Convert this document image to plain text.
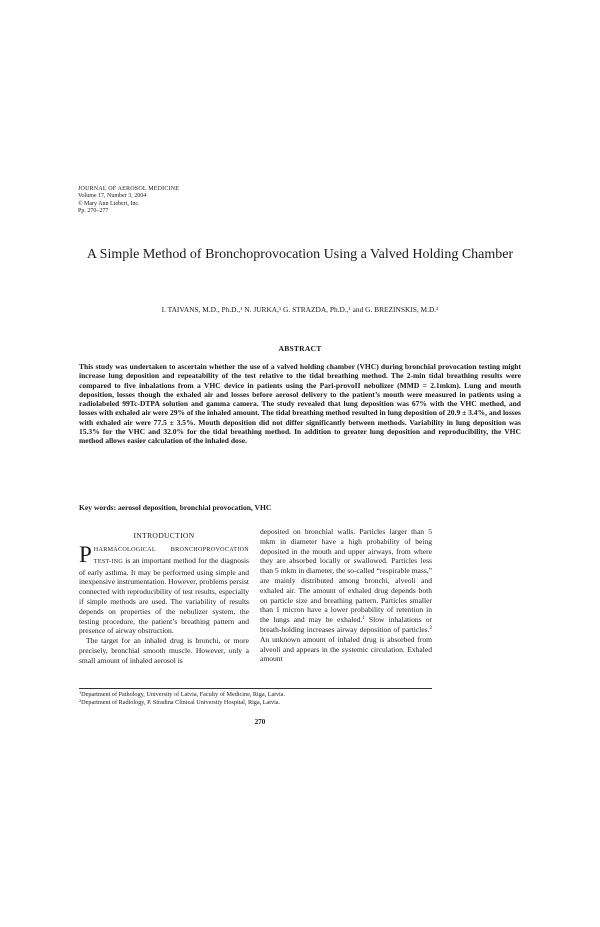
JOURNAL OF AEROSOL MEDICINE
Volume 17, Number 3, 2004
© Mary Ann Liebert, Inc.
Pp. 270–277
A Simple Method of Bronchoprovocation Using a Valved Holding Chamber
I. TAIVANS, M.D., Ph.D.,¹ N. JURKA,¹ G. STRAZDA, Ph.D.,¹ and G. BREZINSKIS, M.D.²
ABSTRACT
This study was undertaken to ascertain whether the use of a valved holding chamber (VHC) during bronchial provocation testing might increase lung deposition and repeatability of the test relative to the tidal breathing method. The 2-min tidal breathing results were compared to five inhalations from a VHC device in patients using the Pari-provoII nebulizer (MMD = 2.1mkm). Lung and mouth deposition, losses though the exhaled air and losses before aerosol delivery to the patient’s mouth were measured in patients using a radiolabeled 99Tc-DTPA solution and gamma camera. The study revealed that lung deposition was 67% with the VHC method, and losses with exhaled air were 29% of the inhaled amount. The tidal breathing method resulted in lung deposition of 20.9 ± 3.4%, and losses with exhaled air were 77.5 ± 3.5%. Mouth deposition did not differ significantly between methods. Variability in lung deposition was 15.3% for the VHC and 32.0% for the tidal breathing method. In addition to greater lung deposition and reproducibility, the VHC method allows easier calculation of the inhaled dose.
Key words: aerosol deposition, bronchial provocation, VHC
INTRODUCTION

PHARMACOLOGICAL BRONCHOPROVOCATION TEST-ING is an important method for the diagnosis of early asthma. It may be performed using simple and inexpensive instrumentation. However, problems persist connected with reproducibility of test results, especially if simple methods are used. The variability of results depends on properties of the nebulizer system, the testing procedure, the patient’s breathing pattern and presence of airway obstruction.

The target for an inhaled drug is bronchi, or more precisely, bronchial smooth muscle. However, only a small amount of inhaled aerosol is

deposited on bronchial walls. Particles larger than 5 mkm in diameter have a high probability of being deposited in the mouth and upper airways, from where they are absorbed locally or swallowed. Particles less than 5 mkm in diameter, the so-called “respirable mass,” are mainly distributed among bronchi, alveoli and exhaled air. The amount of exhaled drug depends both on particle size and breathing pattern. Particles smaller than 1 micron have a lower probability of retention in the lungs and may be exhaled.$^1$ Slow inhalations or breath-holding increases airway deposition of particles.$^2$ An unknown amount of inhaled drug is absorbed from alveoli and appears in the systemic circulation. Exhaled amount

$^1$Department of Pathology, University of Latvia, Faculty of Medicine, Riga, Latvia.
$^2$Department of Radiology, P. Stradina Clinical University Hospital, Riga, Latvia.
270
